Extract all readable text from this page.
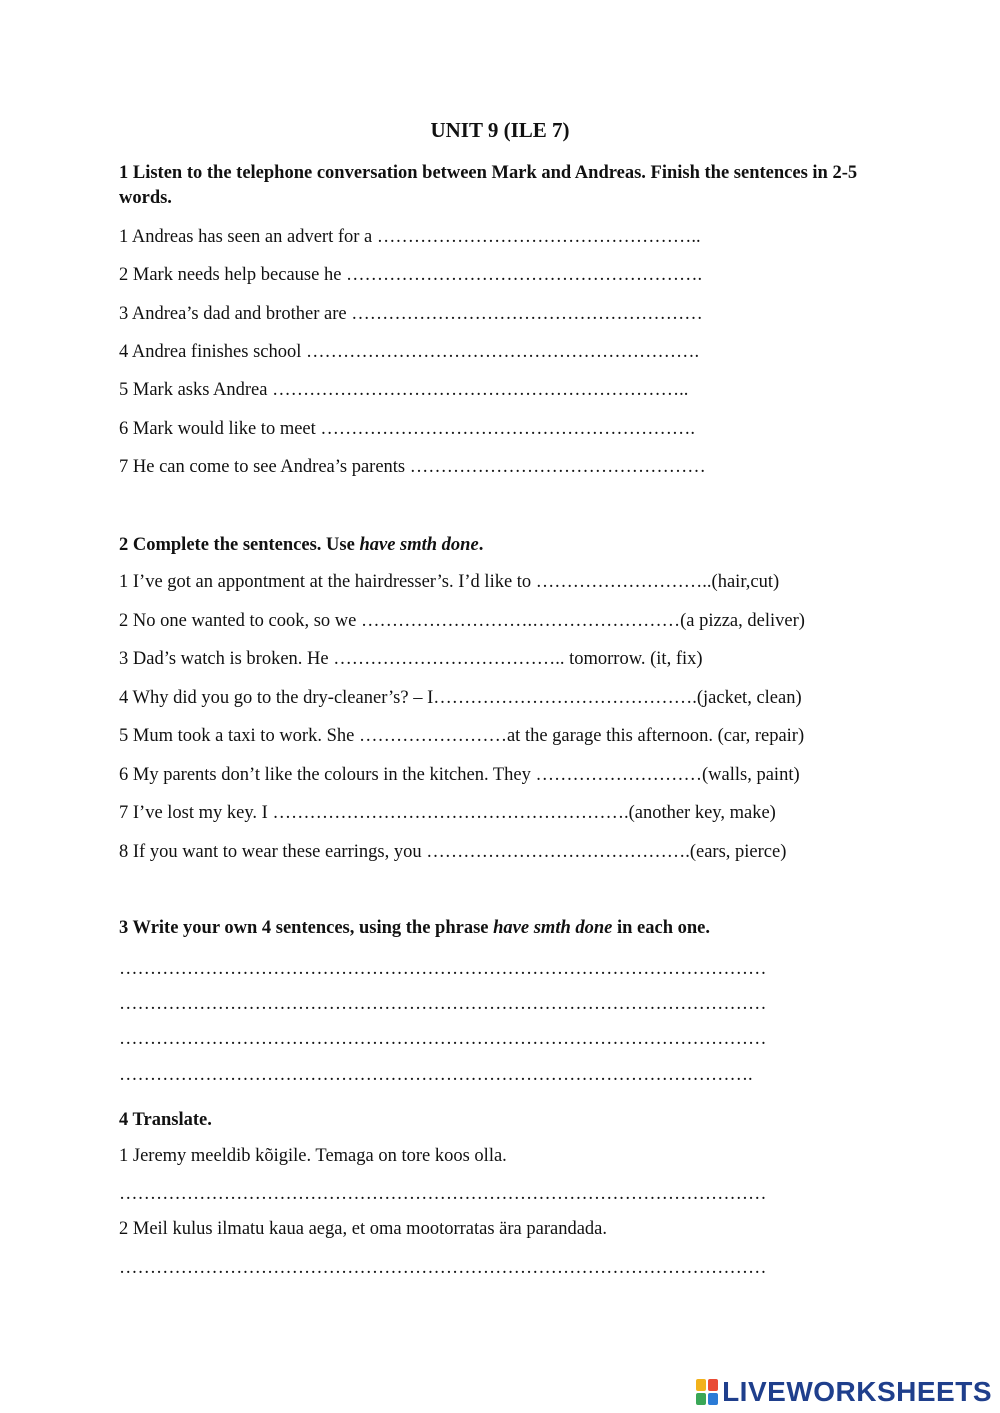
UNIT 9 (ILE 7)
1 Listen to the telephone conversation between Mark and Andreas. Finish the sentences in 2-5 words.
1 Andreas has seen an advert for a ……………………………………………..
2 Mark needs help because he ………………………………………………….
3 Andrea’s dad and brother are …………………………………………………
4 Andrea finishes school ……………………………………………………….
5 Mark asks Andrea …………………………………………………………..
6 Mark would like to meet …………………………………………………….
7 He can come to see Andrea’s parents …………………………………………
2 Complete the sentences. Use have smth done.
1 I’ve got an appontment at the hairdresser’s. I’d like to ………………………..(hair,cut)
2 No one wanted to cook, so we ……………………….……………………(a pizza, deliver)
3 Dad’s watch is broken. He ……………………………….. tomorrow. (it, fix)
4 Why did you go to the dry-cleaner’s? – I…………………………………….(jacket, clean)
5 Mum took a taxi to work. She ……………………at the garage this afternoon. (car, repair)
6 My parents don’t like the colours in the kitchen. They ………………………(walls, paint)
7 I’ve lost my key. I ………………………………………………….(another key, make)
8 If you want to wear these earrings, you …………………………………….(ears, pierce)
3 Write your own 4 sentences, using the phrase have smth done in each one.
……………………………………………………………………………………………
……………………………………………………………………………………………
……………………………………………………………………………………………
………………………………………………………………………………………….
4 Translate.
1 Jeremy meeldib kõigile. Temaga on tore koos olla.
……………………………………………………………………………………………
2 Meil kulus ilmatu kaua aega, et oma mootorratas ära parandada.
……………………………………………………………………………………………
LIVEWORKSHEETS
